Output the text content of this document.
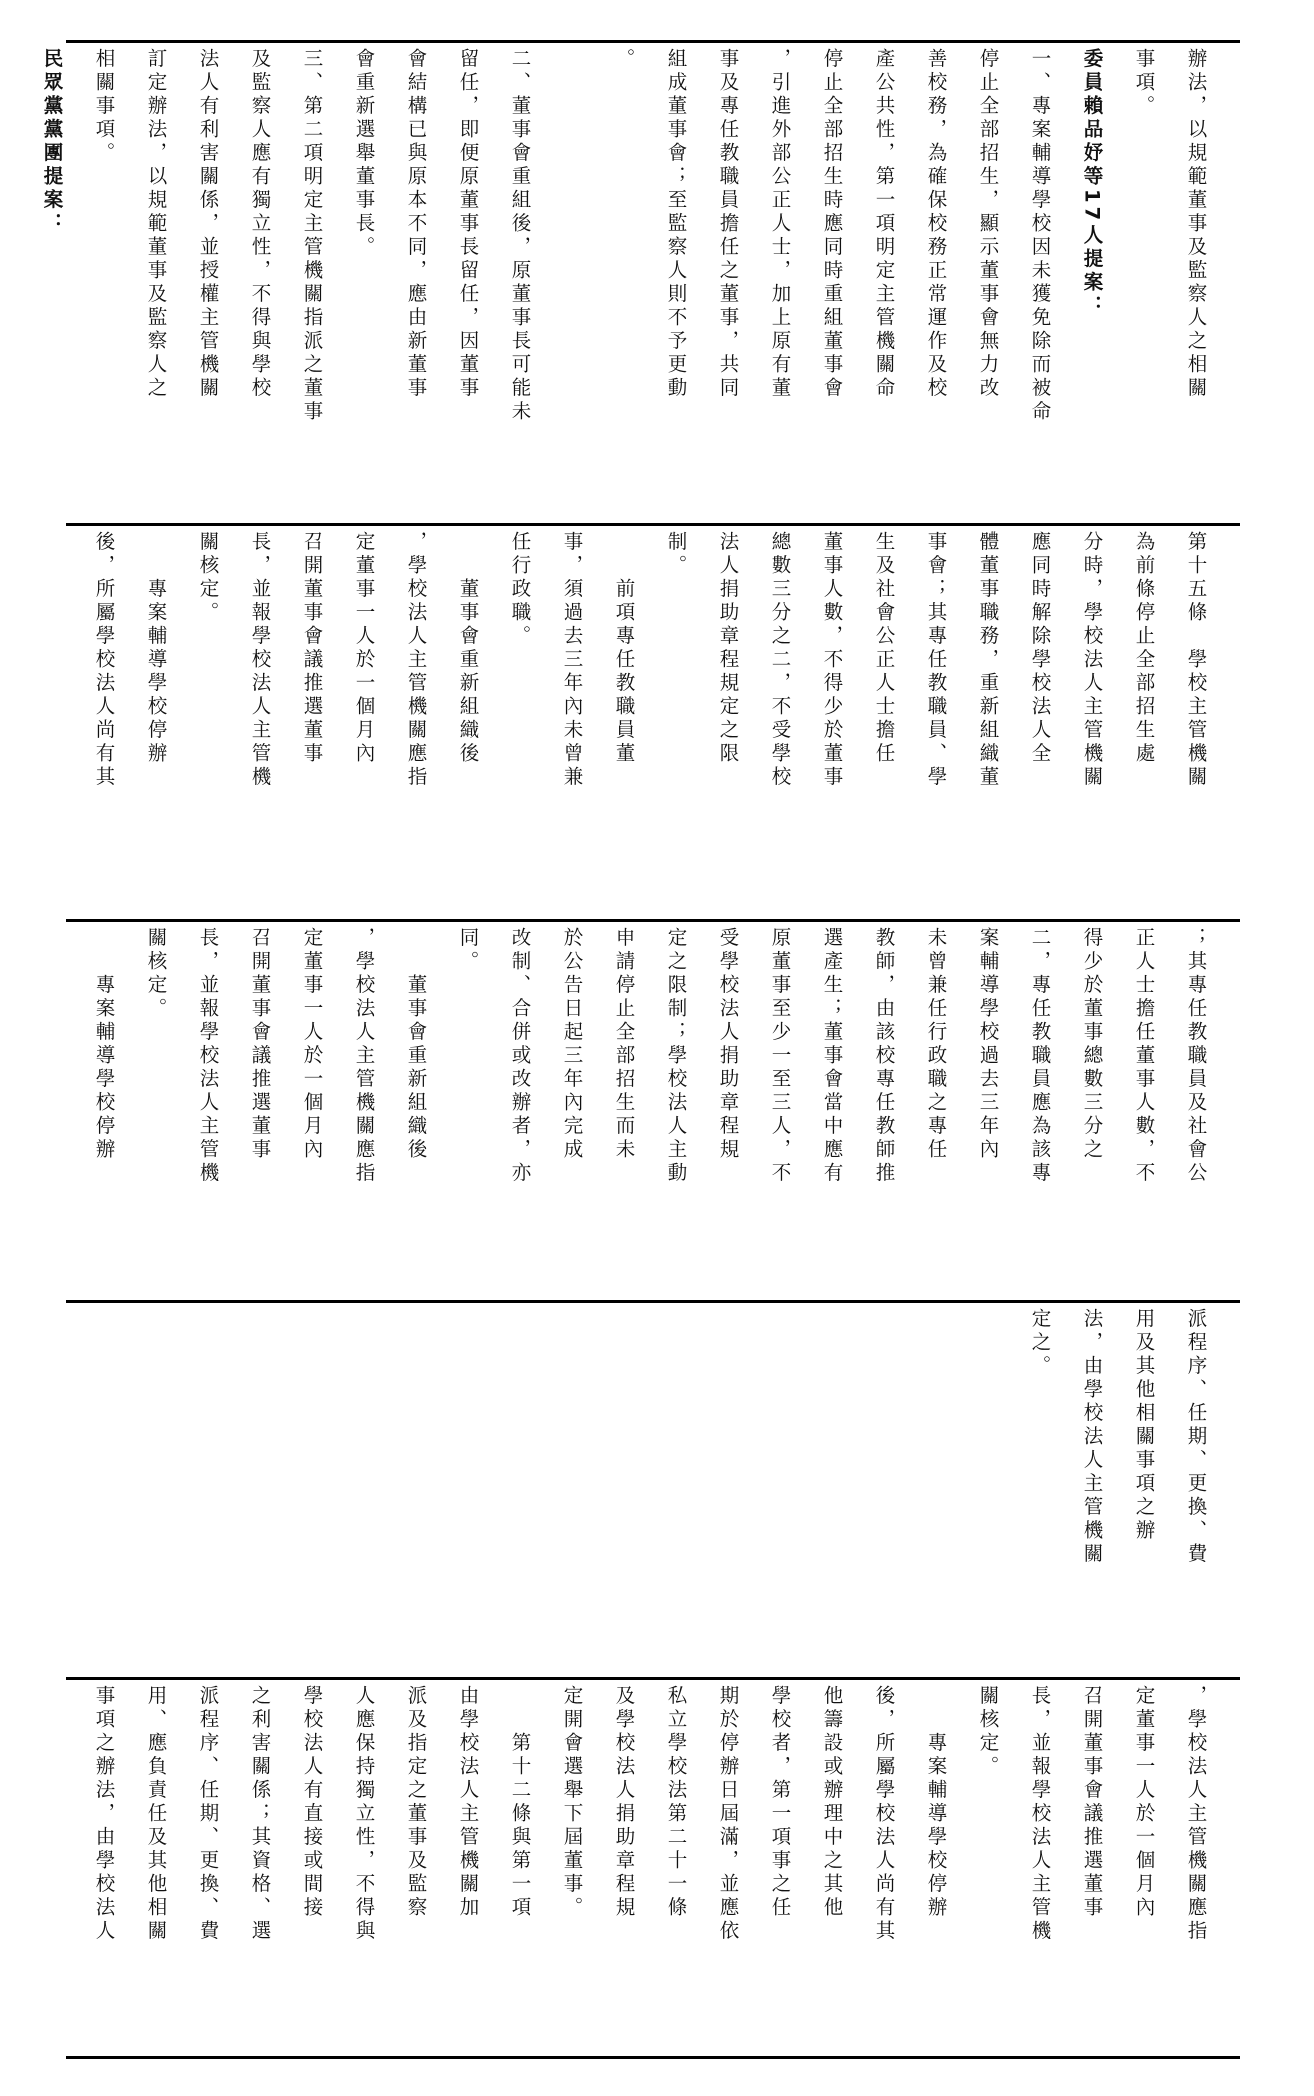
辦法，以規範董事及監察人之相關
事項。
委員賴品妤等17人提案：
一、專案輔導學校因未獲免除而被命
停止全部招生，顯示董事會無力改
善校務，為確保校務正常運作及校
產公共性，第一項明定主管機關命
停止全部招生時應同時重組董事會
，引進外部公正人士，加上原有董
事及專任教職員擔任之董事，共同
組成董事會；至監察人則不予更動
。
二、董事會重組後，原董事長可能未
留任，即便原董事長留任，因董事
會結構已與原本不同，應由新董事
會重新選舉董事長。
三、第二項明定主管機關指派之董事
及監察人應有獨立性，不得與學校
法人有利害關係，並授權主管機關
訂定辦法，以規範董事及監察人之
相關事項。
民眾黨黨團提案：
第十五條　學校主管機關
為前條停止全部招生處
分時，學校法人主管機關
應同時解除學校法人全
體董事職務，重新組織董
事會；其專任教職員、學
生及社會公正人士擔任
董事人數，不得少於董事
總數三分之二，不受學校
法人捐助章程規定之限
制。
　　前項專任教職員董
事，須過去三年內未曾兼
任行政職。
　　董事會重新組織後
，學校法人主管機關應指
定董事一人於一個月內
召開董事會議推選董事
長，並報學校法人主管機
關核定。
　　專案輔導學校停辦
後，所屬學校法人尚有其
；其專任教職員及社會公
正人士擔任董事人數，不
得少於董事總數三分之
二，專任教職員應為該專
案輔導學校過去三年內
未曾兼任行政職之專任
教師，由該校專任教師推
選產生；董事會當中應有
原董事至少一至三人，不
受學校法人捐助章程規
定之限制；學校法人主動
申請停止全部招生而未
於公告日起三年內完成
改制、合併或改辦者，亦
同。
　　董事會重新組織後
，學校法人主管機關應指
定董事一人於一個月內
召開董事會議推選董事
長，並報學校法人主管機
關核定。
　　專案輔導學校停辦
派程序、任期、更換、費
用及其他相關事項之辦
法，由學校法人主管機關
定之。
，學校法人主管機關應指
定董事一人於一個月內
召開董事會議推選董事
長，並報學校法人主管機
關核定。
　　專案輔導學校停辦
後，所屬學校法人尚有其
他籌設或辦理中之其他
學校者，第一項事之任
期於停辦日屆滿，並應依
私立學校法第二十一條
及學校法人捐助章程規
定開會選舉下屆董事。
　　第十二條與第一項
由學校法人主管機關加
派及指定之董事及監察
人應保持獨立性，不得與
學校法人有直接或間接
之利害關係；其資格、選
派程序、任期、更換、費
用、應負責任及其他相關
事項之辦法，由學校法人
